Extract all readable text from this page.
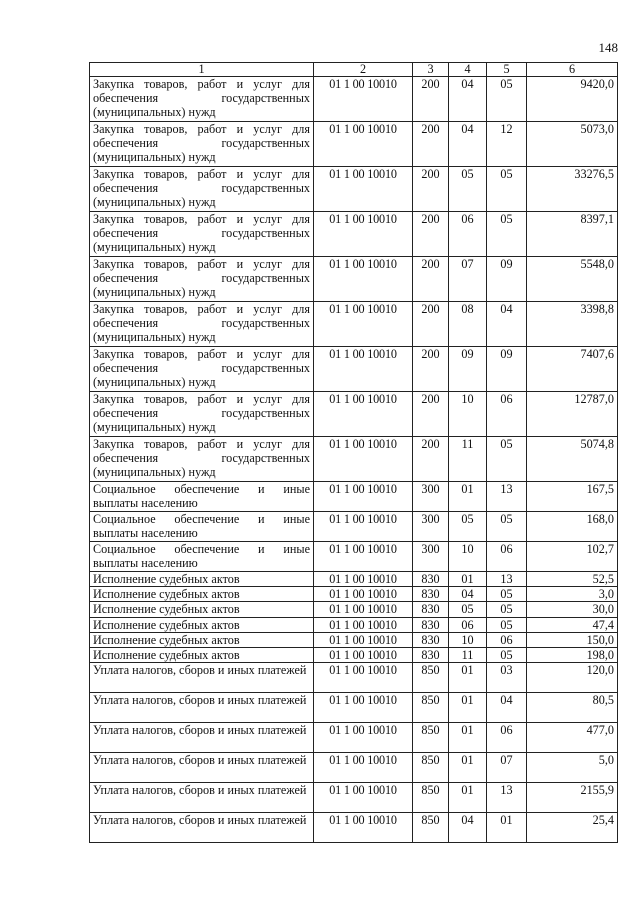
148
1	2	3	4	5	6
Закупка товаров, работ и услуг для обеспечения государственных (муниципальных) нужд	01 1 00 10010	200	04	05	9420,0
Закупка товаров, работ и услуг для обеспечения государственных (муниципальных) нужд	01 1 00 10010	200	04	12	5073,0
Закупка товаров, работ и услуг для обеспечения государственных (муниципальных) нужд	01 1 00 10010	200	05	05	33276,5
Закупка товаров, работ и услуг для обеспечения государственных (муниципальных) нужд	01 1 00 10010	200	06	05	8397,1
Закупка товаров, работ и услуг для обеспечения государственных (муниципальных) нужд	01 1 00 10010	200	07	09	5548,0
Закупка товаров, работ и услуг для обеспечения государственных (муниципальных) нужд	01 1 00 10010	200	08	04	3398,8
Закупка товаров, работ и услуг для обеспечения государственных (муниципальных) нужд	01 1 00 10010	200	09	09	7407,6
Закупка товаров, работ и услуг для обеспечения государственных (муниципальных) нужд	01 1 00 10010	200	10	06	12787,0
Закупка товаров, работ и услуг для обеспечения государственных (муниципальных) нужд	01 1 00 10010	200	11	05	5074,8
Социальное обеспечение и иные выплаты населению	01 1 00 10010	300	01	13	167,5
Социальное обеспечение и иные выплаты населению	01 1 00 10010	300	05	05	168,0
Социальное обеспечение и иные выплаты населению	01 1 00 10010	300	10	06	102,7
Исполнение судебных актов	01 1 00 10010	830	01	13	52,5
Исполнение судебных актов	01 1 00 10010	830	04	05	3,0
Исполнение судебных актов	01 1 00 10010	830	05	05	30,0
Исполнение судебных актов	01 1 00 10010	830	06	05	47,4
Исполнение судебных актов	01 1 00 10010	830	10	06	150,0
Исполнение судебных актов	01 1 00 10010	830	11	05	198,0
Уплата налогов, сборов и иных платежей	01 1 00 10010	850	01	03	120,0
Уплата налогов, сборов и иных платежей	01 1 00 10010	850	01	04	80,5
Уплата налогов, сборов и иных платежей	01 1 00 10010	850	01	06	477,0
Уплата налогов, сборов и иных платежей	01 1 00 10010	850	01	07	5,0
Уплата налогов, сборов и иных платежей	01 1 00 10010	850	01	13	2155,9
Уплата налогов, сборов и иных платежей	01 1 00 10010	850	04	01	25,4
